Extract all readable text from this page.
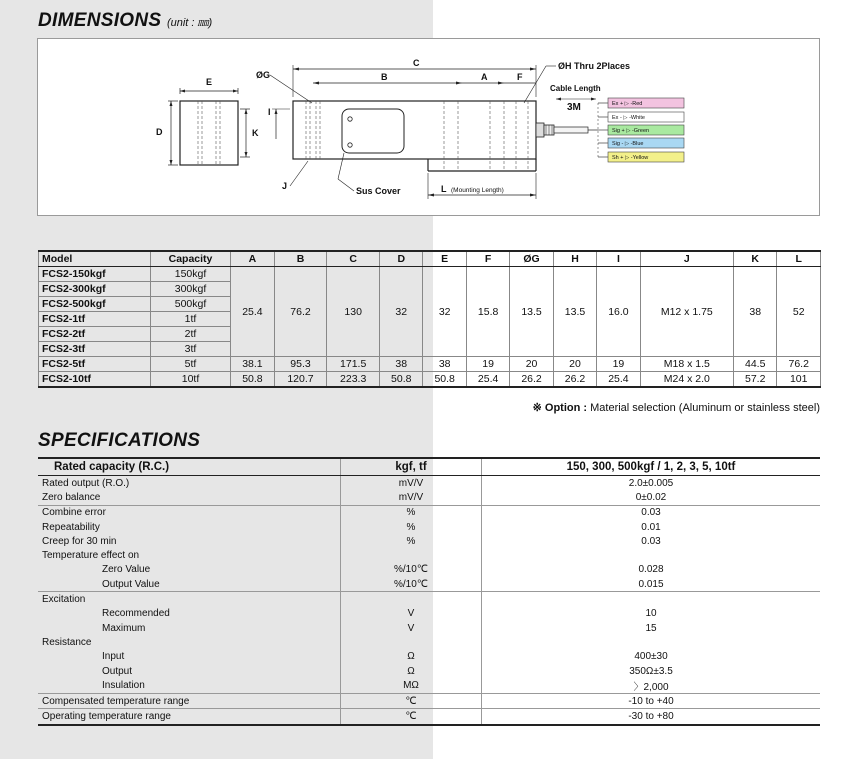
DIMENSIONS (unit : ㎜)
E
D	K
C
B	A	F
I
ØG
J	Sus Cover	L (Mounting Length)
ØH Thru 2Places
Cable Length
3M	Ex + ▷ -Red
Ex - ▷ -White
Sig + ▷ -Green
Sig - ▷ -Blue
Sh + ▷ -Yellow
Model	Capacity	A	B	C	D	E	F	ØG	H	I	J	K	L
FCS2-150kgf	150kgf	25.4	76.2	130	32	32	15.8	13.5	13.5	16.0	M12 x 1.75	38	52
FCS2-300kgf	300kgf												
FCS2-500kgf	500kgf												
FCS2-1tf	1tf												
FCS2-2tf	2tf												
FCS2-3tf	3tf												
FCS2-5tf	5tf	38.1	95.3	171.5	38	38	19	20	20	19	M18 x 1.5	44.5	76.2
FCS2-10tf	10tf	50.8	120.7	223.3	50.8	50.8	25.4	26.2	26.2	25.4	M24 x 2.0	57.2	101
※ Option : Material selection (Aluminum or stainless steel)
SPECIFICATIONS
Rated capacity (R.C.)	kgf, tf	150, 300, 500kgf / 1, 2, 3, 5, 10tf
Rated output (R.O.)	mV/V	2.0±0.005
Zero balance	mV/V	0±0.02
Combine error	%	0.03
Repeatability	%	0.01
Creep for 30 min	%	0.03
Temperature effect on		
Zero Value	%/10℃	0.028
Output Value	%/10℃	0.015
Excitation		
Recommended	V	10
Maximum	V	15
Resistance		
Input	Ω	400±30
Output	Ω	350Ω±3.5
Insulation	MΩ	〉2,000
Compensated temperature range	℃	-10 to +40
Operating temperature range	℃	-30 to +80
